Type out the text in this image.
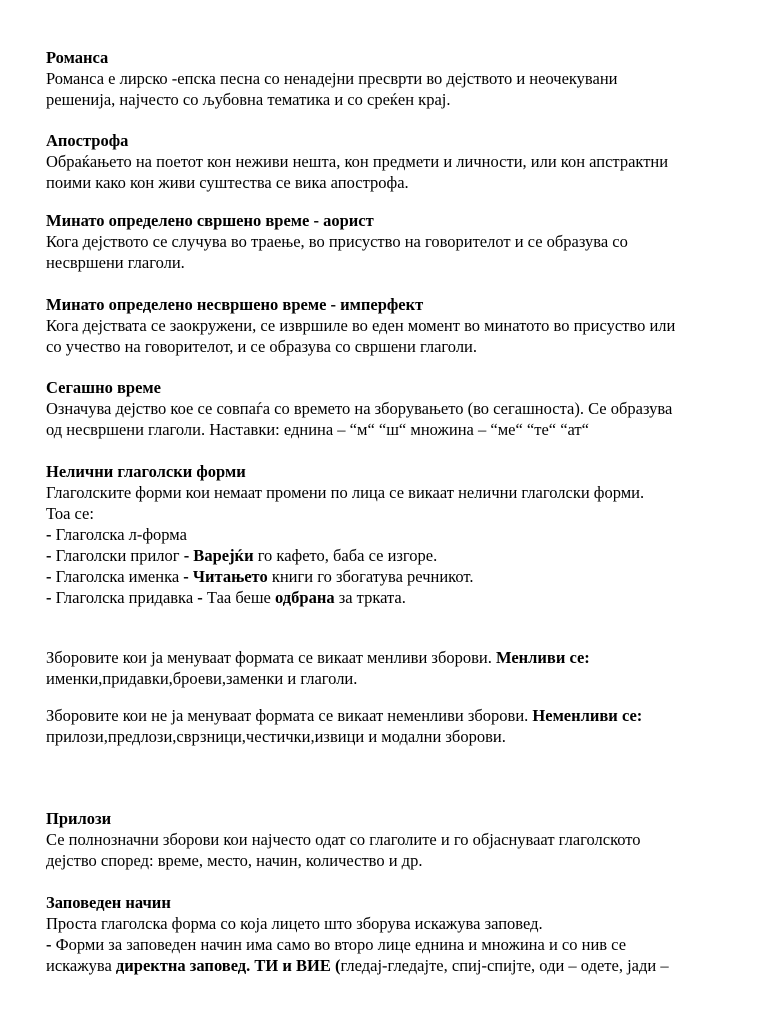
Романса
Романса е лирско -епска песна со ненадејни пресврти во дејството и неочекувани
решенија, најчесто со љубовна тематика и со среќен крај.
Апострофа
Обраќањето на поетот кон неживи нешта, кон предмети и личности, или кон апстрактни
поими како кон живи суштества се вика апострофа.
Минато определено свршено време - аорист
Кога дејството се случува во траење, во присуство на говорителот и се образува со
несвршени глаголи.
Минато определено несвршено време - имперфект
Кога дејствата се заокружени, се извршиле во еден момент во минатото во присуство или
со учество на говорителот, и се образува со свршени глаголи.
Сегашно време
Означува дејство кое се совпаѓа со времето на зборувањето (во сегашноста). Се образува
од несвршени глаголи. Наставки: еднина – “м“ “ш“ множина – “ме“ “те“ “ат“
Нелични глаголски форми
Глаголските форми кои немаат промени по лица се викаат нелични глаголски форми.
Тоа се:
- Глаголска л-форма
- Глаголски прилог - Варејќи го кафето, баба се изгоре.
- Глаголска именка - Читањето книги го збогатува речникот.
- Глаголска придавка - Таа беше одбрана за трката.
Зборовите кои ја менуваат формата се викаат менливи зборови. Менливи се:
именки,придавки,броеви,заменки и глаголи.
Зборовите кои не ја менуваат формата се викаат неменливи зборови. Неменливи се:
прилози,предлози,сврзници,честички,извици и модални зборови.
Прилози
Се полнозначни зборови кои најчесто одат со глаголите и го објаснуваат глаголското
дејство според: време, место, начин, количество и др.
Заповеден начин
Проста глаголска форма со која лицето што зборува искажува заповед.
- Форми за заповеден начин има само во второ лице еднина и множина и со нив се
искажува директна заповед. ТИ и ВИЕ (гледај-гледајте, спиј-спијте, оди – одете, јади –
